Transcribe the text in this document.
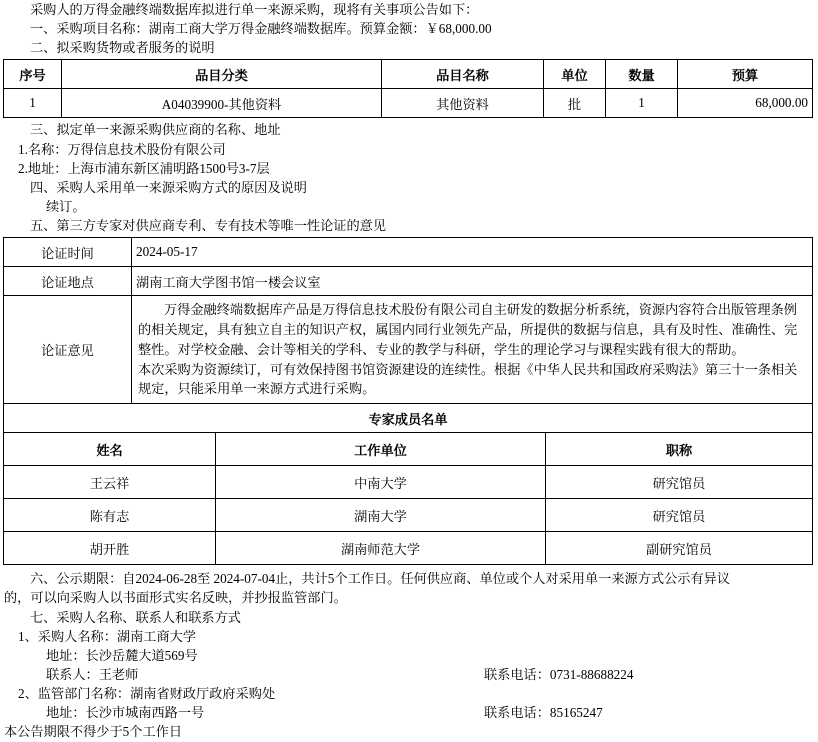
采购人的万得金融终端数据库拟进行单一来源采购，现将有关事项公告如下：
一、采购项目名称：湖南工商大学万得金融终端数据库。预算金额：￥68,000.00
二、拟采购货物或者服务的说明
序号	品目分类	品目名称	单位	数量	预算
1	A04039900-其他资料	其他资料	批	1	68,000.00
三、拟定单一来源采购供应商的名称、地址
1.名称：万得信息技术股份有限公司
2.地址：上海市浦东新区浦明路1500号3-7层
四、采购人采用单一来源采购方式的原因及说明
续订。
五、第三方专家对供应商专利、专有技术等唯一性论证的意见
论证时间	2024-05-17
论证地点	湖南工商大学图书馆一楼会议室
论证意见	万得金融终端数据库产品是万得信息技术股份有限公司自主研发的数据分析系统，资源内容符合出版管理条例的相关规定，具有独立自主的知识产权，属国内同行业领先产品，所提供的数据与信息，具有及时性、准确性、完整性。对学校金融、会计等相关的学科、专业的教学与科研，学生的理论学习与课程实践有很大的帮助。

本次采购为资源续订，可有效保持图书馆资源建设的连续性。根据《中华人民共和国政府采购法》第三十一条相关规定，只能采用单一来源方式进行采购。

专家成员名单	
姓名	工作单位	职称
王云祥	中南大学	研究馆员
陈有志	湖南大学	研究馆员
胡开胜	湖南师范大学	副研究馆员
六、公示期限：自2024-06-28至 2024-07-04止，共计5个工作日。任何供应商、单位或个人对采用单一来源方式公示有异议
的，可以向采购人以书面形式实名反映，并抄报监管部门。
七、采购人名称、联系人和联系方式
1、采购人名称：湖南工商大学
地址：长沙岳麓大道569号
联系人：王老师	联系电话：0731-88688224
2、监管部门名称：湖南省财政厅政府采购处
地址：长沙市城南西路一号	联系电话：85165247
本公告期限不得少于5个工作日
